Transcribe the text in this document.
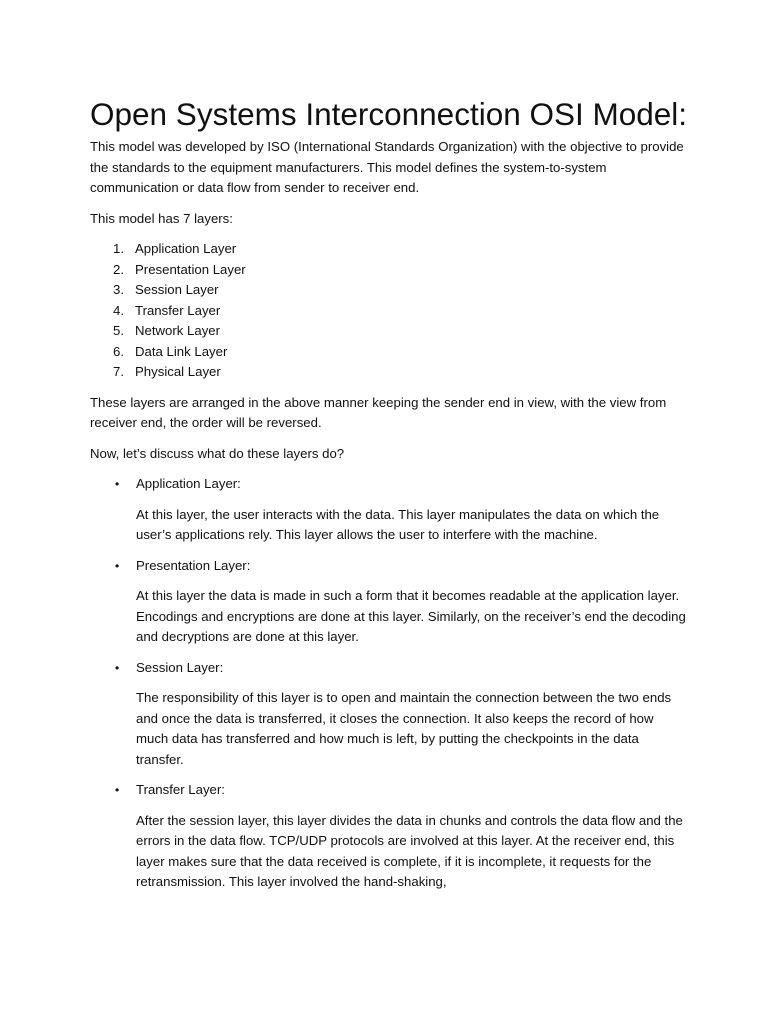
Open Systems Interconnection OSI Model:

This model was developed by ISO (International Standards Organization) with the objective to provide the standards to the equipment manufacturers. This model defines the system-to-system communication or data flow from sender to receiver end.

This model has 7 layers:

1. Application Layer
2. Presentation Layer
3. Session Layer
4. Transfer Layer
5. Network Layer
6. Data Link Layer
7. Physical Layer

These layers are arranged in the above manner keeping the sender end in view, with the view from receiver end, the order will be reversed.

Now, let’s discuss what do these layers do?

•	Application Layer:

At this layer, the user interacts with the data. This layer manipulates the data on which the user’s applications rely. This layer allows the user to interfere with the machine.

•	Presentation Layer:

At this layer the data is made in such a form that it becomes readable at the application layer. Encodings and encryptions are done at this layer. Similarly, on the receiver’s end the decoding and decryptions are done at this layer.

•	Session Layer:

The responsibility of this layer is to open and maintain the connection between the two ends and once the data is transferred, it closes the connection. It also keeps the record of how much data has transferred and how much is left, by putting the checkpoints in the data transfer.

•	Transfer Layer:

After the session layer, this layer divides the data in chunks and controls the data flow and the errors in the data flow. TCP/UDP protocols are involved at this layer. At the receiver end, this layer makes sure that the data received is complete, if it is incomplete, it requests for the retransmission. This layer involved the hand-shaking,
